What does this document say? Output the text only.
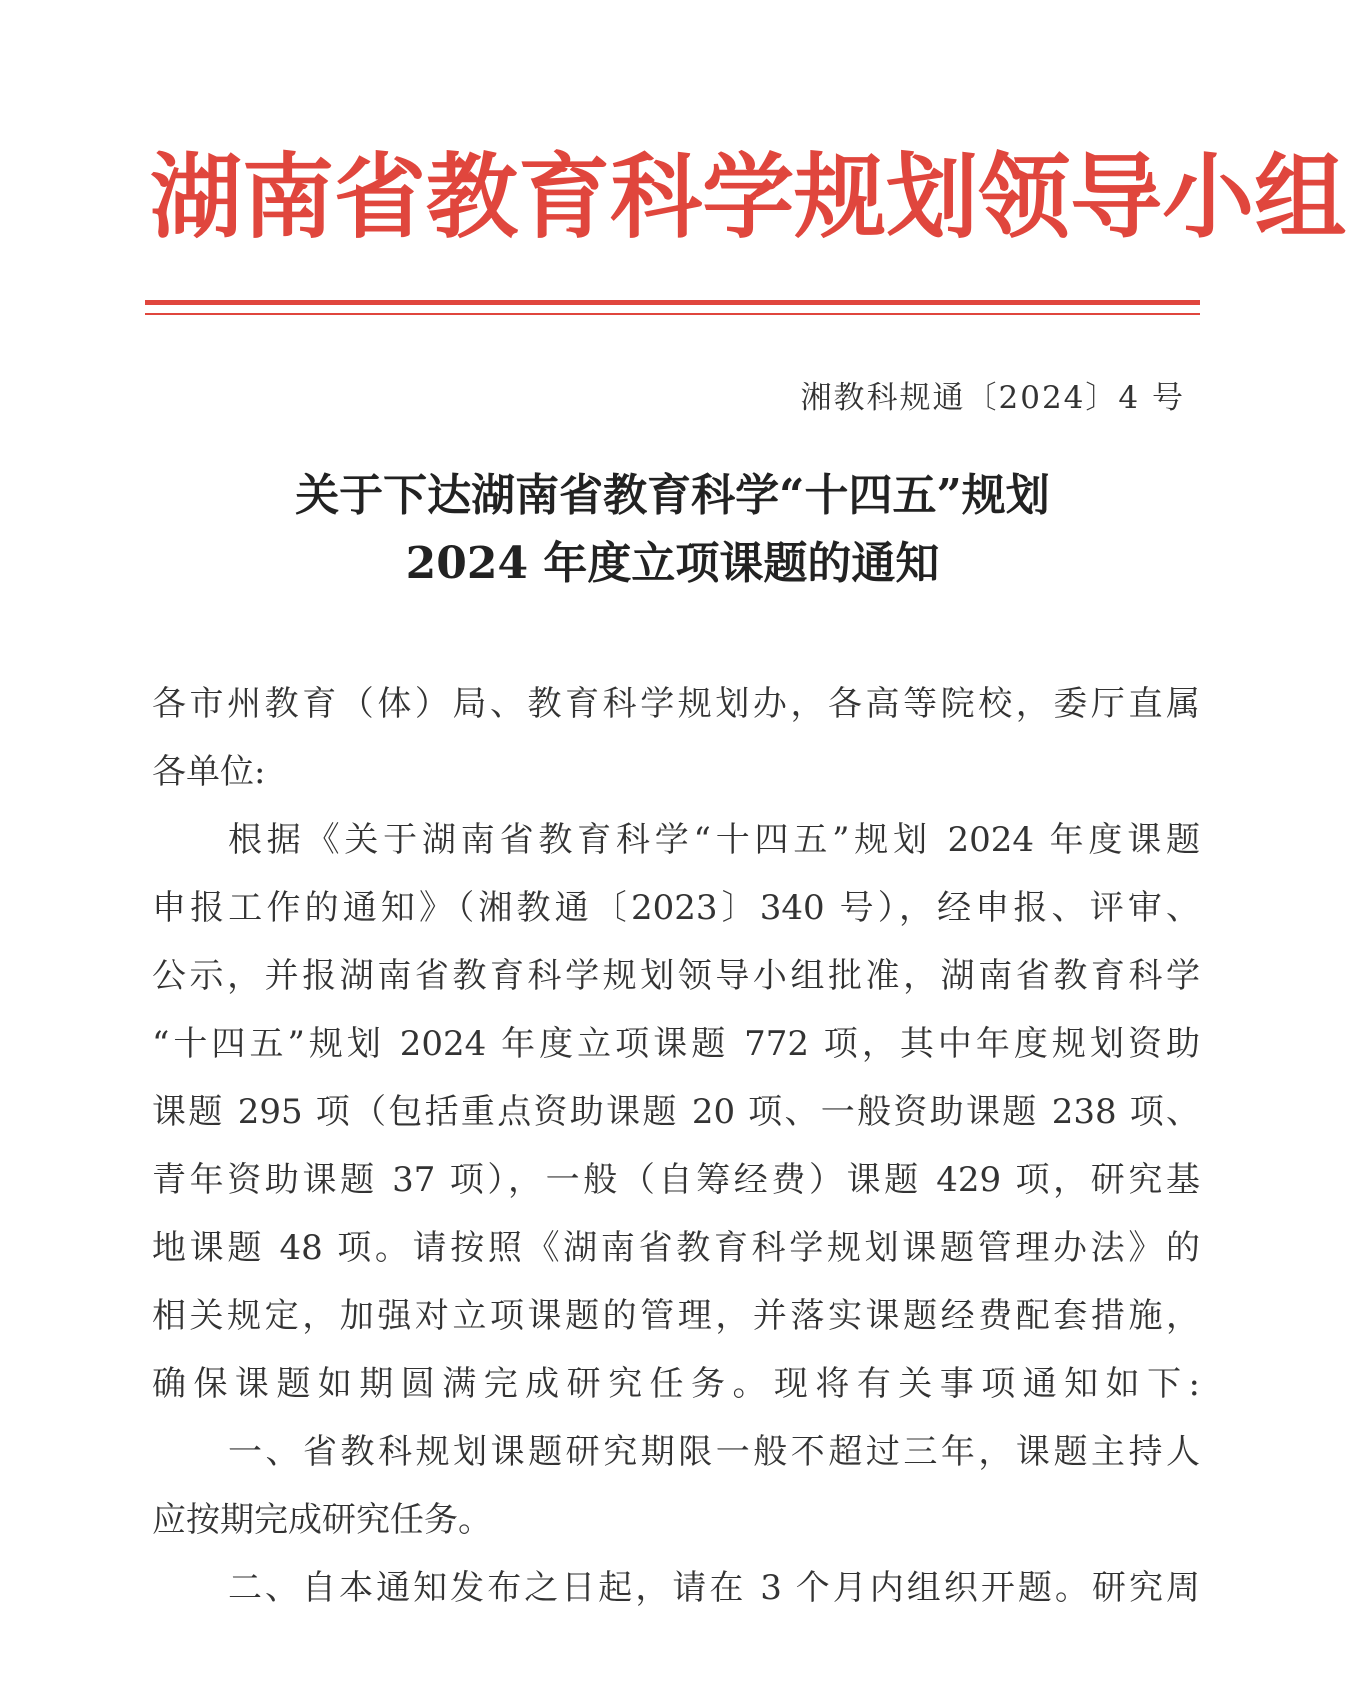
湖 南 省 教 育 科 学 规 划 领 导 小 组
湘教科规通〔2024〕4 号
关于下达湖南省教育科学“十四五”规划
2024 年度立项课题的通知
各市州教育（体）局、教育科学规划办，各高等院校，委厅直属
各单位:
根据《关于湖南省教育科学“十四五”规划 2024 年度课题
申报工作的通知》（湘教通〔2023〕340 号），经申报、评审、
公示，并报湖南省教育科学规划领导小组批准，湖南省教育科学
“十四五”规划 2024 年度立项课题 772 项，其中年度规划资助
课题 295 项（包括重点资助课题 20 项、一般资助课题 238 项、
青年资助课题 37 项），一般（自筹经费）课题 429 项，研究基
地课题 48 项。请按照《湖南省教育科学规划课题管理办法》的
相关规定，加强对立项课题的管理，并落实课题经费配套措施，
确保课题如期圆满完成研究任务。现将有关事项通知如下:
一、省教科规划课题研究期限一般不超过三年，课题主持人
应按期完成研究任务。
二、自本通知发布之日起，请在 3 个月内组织开题。研究周
